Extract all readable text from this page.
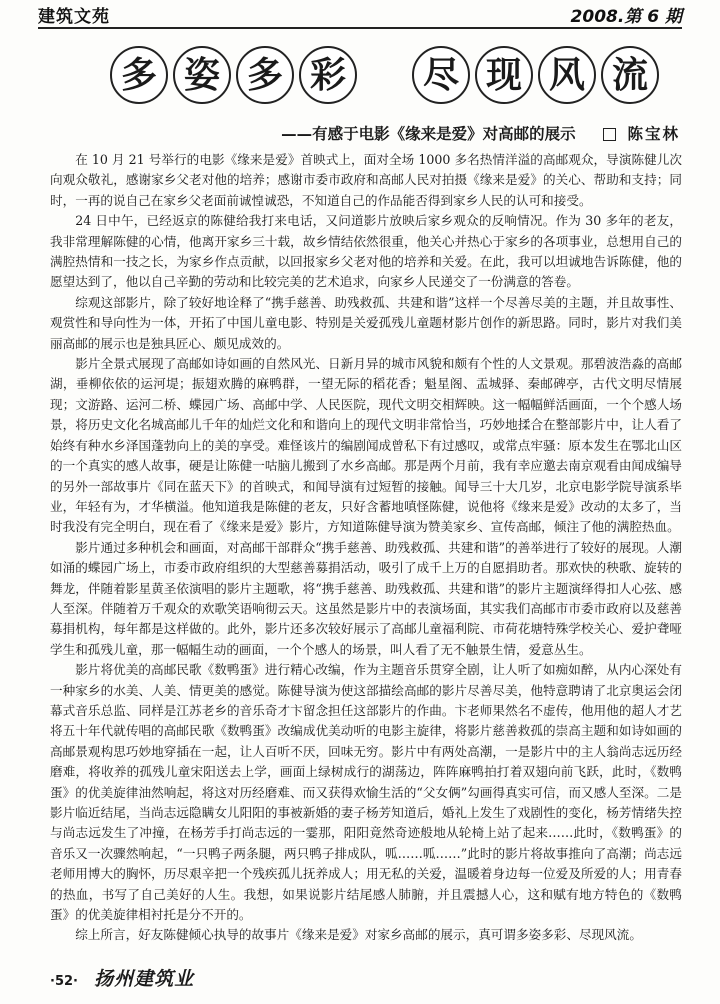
建筑文苑	2008.第 6 期
多 姿 多 彩	尽 现 风 流
——有感于电影《缘来是爱》对高邮的展示	陈宝林

在 10 月 21 号举行的电影《缘来是爱》首映式上，面对全场 1000 多名热情洋溢的高邮观众，导演陈健儿次向观众敬礼，感谢家乡父老对他的培养；感谢市委市政府和高邮人民对拍摄《缘来是爱》的关心、帮助和支持；同时，一再的说自己在家乡父老面前诚惶诚恐，不知道自己的作品能否得到家乡人民的认可和接受。

24 日中午，已经返京的陈健给我打来电话，又问道影片放映后家乡观众的反响情况。作为 30 多年的老友，我非常理解陈健的心情，他离开家乡三十载，故乡情结依然很重，他关心并热心于家乡的各项事业，总想用自己的满腔热情和一技之长，为家乡作点贡献，以回报家乡父老对他的培养和关爱。在此，我可以坦诚地告诉陈健，他的愿望达到了，他以自己辛勤的劳动和比较完美的艺术追求，向家乡人民递交了一份满意的答卷。

综观这部影片，除了较好地诠释了“携手慈善、助残救孤、共建和谐”这样一个尽善尽美的主题，并且故事性、观赏性和导向性为一体，开拓了中国儿童电影、特别是关爱孤残儿童题材影片创作的新思路。同时，影片对我们美丽高邮的展示也是独具匠心、颇见成效的。

影片全景式展现了高邮如诗如画的自然风光、日新月异的城市风貌和颇有个性的人文景观。那碧波浩淼的高邮湖，垂柳依依的运河堤；振翅欢腾的麻鸭群，一望无际的稻花香；魁星阁、盂城驿、秦邮碑亭，古代文明尽情展现；文游路、运河二桥、蝶园广场、高邮中学、人民医院，现代文明交相辉映。这一幅幅鲜活画面，一个个感人场景，将历史文化名城高邮儿千年的灿烂文化和和谐向上的现代文明非常恰当，巧妙地揉合在整部影片中，让人看了始终有种水乡泽国蓬勃向上的美的享受。难怪该片的编剧闻成曾私下有过感叹，或常点牢骚：原本发生在鄂北山区的一个真实的感人故事，硬是让陈健一咕脑儿搬到了水乡高邮。那是两个月前，我有幸应邀去南京观看由闻成编导的另外一部故事片《同在蓝天下》的首映式，和闻导演有过短暂的接触。闻导三十大几岁，北京电影学院导演系毕业，年轻有为，才华横溢。他知道我是陈健的老友，只好含蓄地嗔怪陈健，说他将《缘来是爱》改动的太多了，当时我没有完全明白，现在看了《缘来是爱》影片，方知道陈健导演为赞美家乡、宣传高邮，倾注了他的满腔热血。

影片通过多种机会和画面，对高邮干部群众“携手慈善、助残救孤、共建和谐”的善举进行了较好的展现。人潮如涌的蝶园广场上，市委市政府组织的大型慈善募捐活动，吸引了成千上万的自愿捐助者。那欢快的秧歌、旋转的舞龙，伴随着影星黄圣依演唱的影片主题歌，将“携手慈善、助残救孤、共建和谐”的影片主题演绎得扣人心弦、感人至深。伴随着万千观众的欢歌笑语响彻云天。这虽然是影片中的表演场面，其实我们高邮市市委市政府以及慈善募捐机构，每年都是这样做的。此外，影片还多次较好展示了高邮儿童福利院、市荷花塘特殊学校关心、爱护聋哑学生和孤残儿童，那一幅幅生动的画面，一个个感人的场景，叫人看了无不触景生情，爱意丛生。

影片将优美的高邮民歌《数鸭蛋》进行精心改编，作为主题音乐贯穿全剧，让人听了如痴如醉，从内心深处有一种家乡的水美、人美、情更美的感觉。陈健导演为使这部描绘高邮的影片尽善尽美，他特意聘请了北京奥运会闭幕式音乐总监、同样是江苏老乡的音乐奇才卞留念担任这部影片的作曲。卞老师果然名不虚传，他用他的超人才艺将五十年代就传唱的高邮民歌《数鸭蛋》改编成优美动听的电影主旋律，将影片慈善救孤的崇高主题和如诗如画的高邮景观构思巧妙地穿插在一起，让人百听不厌，回味无穷。影片中有两处高潮，一是影片中的主人翁尚志远历经磨难，将收养的孤残儿童宋阳送去上学，画面上绿树成行的湖荡边，阵阵麻鸭拍打着双翅向前飞跃，此时，《数鸭蛋》的优美旋律油然响起，将这对历经磨难、而又获得欢愉生活的“父女俩”勾画得真实可信，而又感人至深。二是影片临近结尾，当尚志远隐瞒女儿阳阳的事被新婚的妻子杨芳知道后，婚礼上发生了戏剧性的变化，杨芳情绪失控与尚志远发生了冲撞，在杨芳手打尚志远的一霎那，阳阳竟然奇迹般地从轮椅上站了起来……此时，《数鸭蛋》的音乐又一次骤然响起，“一只鸭子两条腿，两只鸭子排成队，呱……呱……”此时的影片将故事推向了高潮；尚志远老师用博大的胸怀，历尽艰辛把一个残疾孤儿抚养成人；用无私的关爱，温暖着身边每一位爱及所爱的人；用青春的热血，书写了自己美好的人生。我想，如果说影片结尾感人肺腑，并且震撼人心，这和赋有地方特色的《数鸭蛋》的优美旋律相衬托是分不开的。

综上所言，好友陈健倾心执导的故事片《缘来是爱》对家乡高邮的展示，真可谓多姿多彩、尽现风流。

·52· 扬州建筑业
